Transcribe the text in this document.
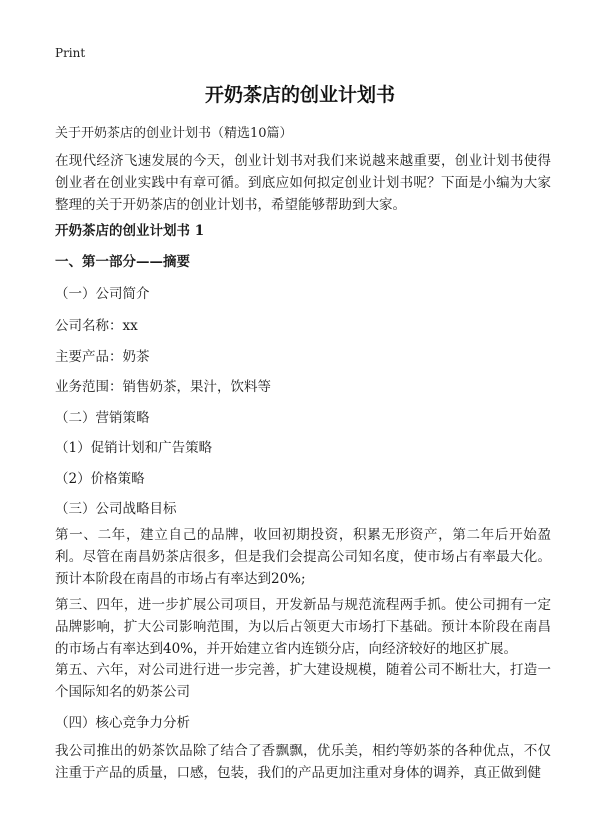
Print
开奶茶店的创业计划书
关于开奶茶店的创业计划书（精选10篇）
在现代经济飞速发展的今天，创业计划书对我们来说越来越重要，创业计划书使得创业者在创业实践中有章可循。到底应如何拟定创业计划书呢？下面是小编为大家整理的关于开奶茶店的创业计划书，希望能够帮助到大家。
开奶茶店的创业计划书 1
一、第一部分——摘要
（一）公司简介
公司名称：xx
主要产品：奶茶
业务范围：销售奶茶，果汁，饮料等
（二）营销策略
（1）促销计划和广告策略
（2）价格策略
（三）公司战略目标
第一、二年，建立自己的品牌，收回初期投资，积累无形资产，第二年后开始盈利。尽管在南昌奶茶店很多，但是我们会提高公司知名度，使市场占有率最大化。预计本阶段在南昌的市场占有率达到20%;
第三、四年，进一步扩展公司项目，开发新品与规范流程两手抓。使公司拥有一定品牌影响，扩大公司影响范围，为以后占领更大市场打下基础。预计本阶段在南昌的市场占有率达到40%，并开始建立省内连锁分店，向经济较好的地区扩展。
第五、六年，对公司进行进一步完善，扩大建设规模，随着公司不断壮大，打造一个国际知名的奶茶公司
（四）核心竞争力分析
我公司推出的奶茶饮品除了结合了香飘飘，优乐美，相约等奶茶的各种优点，不仅注重于产品的质量，口感，包装，我们的产品更加注重对身体的调养，真正做到健
